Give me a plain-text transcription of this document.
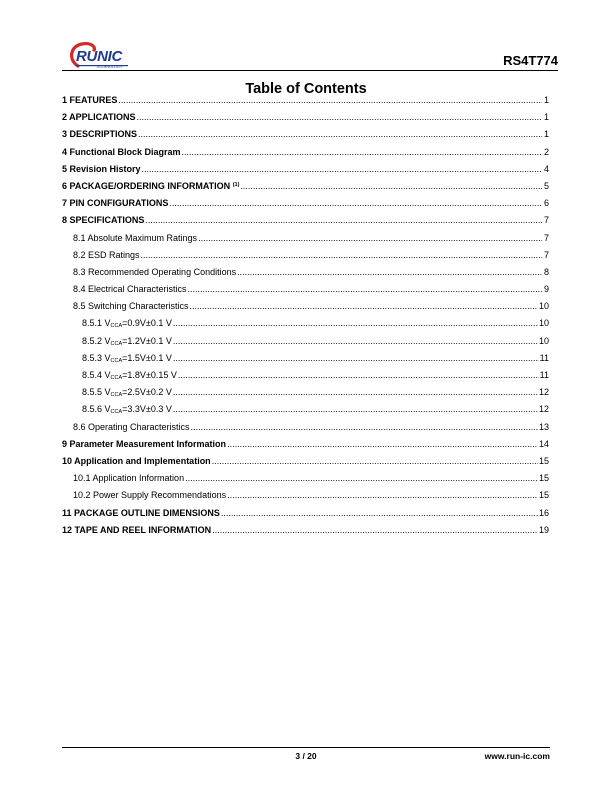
RUNIC
TECHNOLOGY	RS4T774
Table of Contents
1 FEATURES .....	1
2 APPLICATIONS .....	1
3 DESCRIPTIONS .....	1
4 Functional Block Diagram .....	2
5 Revision History .....	4
6 PACKAGE/ORDERING INFORMATION $^{(1)}$ .....	5
7 PIN CONFIGURATIONS .....	6
8 SPECIFICATIONS .....	7
8.1 Absolute Maximum Ratings .....	7
8.2 ESD Ratings .....	7
8.3 Recommended Operating Conditions .....	8
8.4 Electrical Characteristics .....	9
8.5 Switching Characteristics .....	10
8.5.1 $V_{CCA}=0.9V\pm 0.1$ V .....	10
8.5.2 $V_{CCA}=1.2V\pm 0.1$ V .....	10
8.5.3 $V_{CCA}=1.5V\pm 0.1$ V .....	11
8.5.4 $V_{CCA}=1.8V\pm 0.15$ V .....	11
8.5.5 $V_{CCA}=2.5V\pm 0.2$ V .....	12
8.5.6 $V_{CCA}=3.3V\pm 0.3$ V .....	12
8.6 Operating Characteristics .....	13
9 Parameter Measurement Information .....	14
10 Application and Implementation .....	15
10.1 Application Information .....	15
10.2 Power Supply Recommendations .....	15
11 PACKAGE OUTLINE DIMENSIONS .....	16
12 TAPE AND REEL INFORMATION .....	19
3 / 20	www.run-ic.com
